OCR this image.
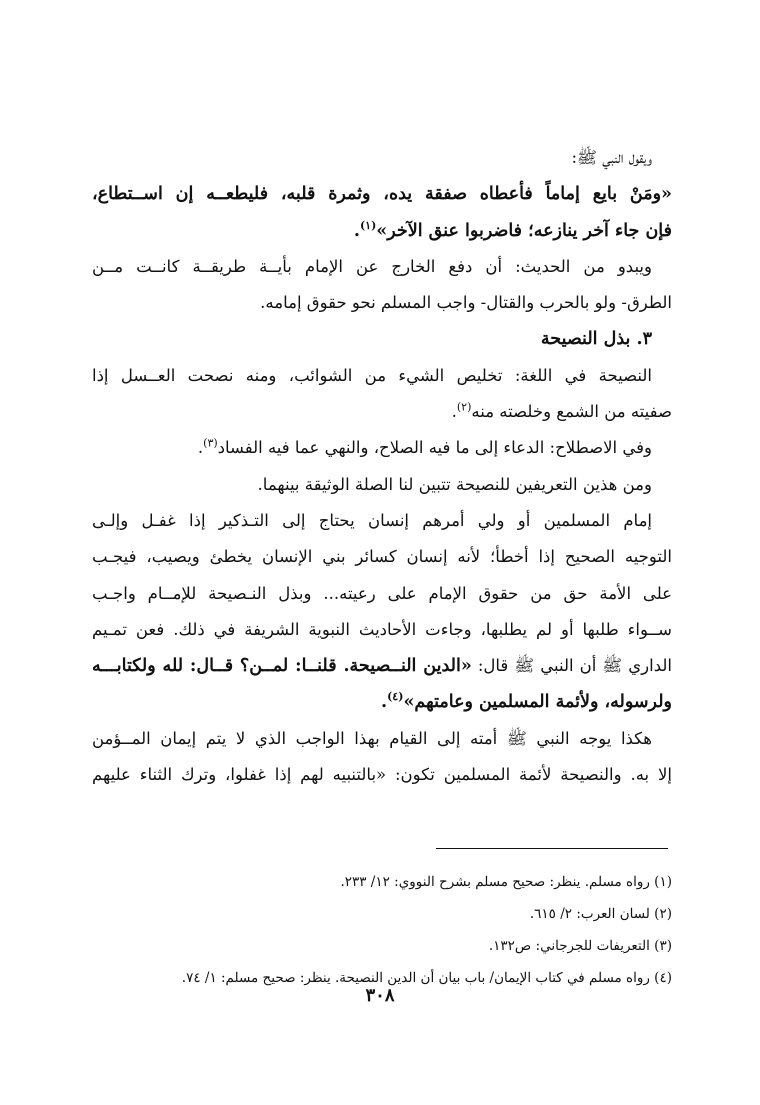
ويقول النبي ﷺ:
«ومَنْ بايع إماماً فأعطاه صفقة يده، وثمرة قلبه، فليطعــه إن اســتطاع،
فإن جاء آخر ينازعه؛ فاضربوا عنق الآخر»$^{(١)}$.
ويبدو من الحديث: أن دفع الخارج عن الإمام بأيــة طريقــة كانــت مــن
الطرق- ولو بالحرب والقتال- واجب المسلم نحو حقوق إمامه.
٣. بذل النصيحة
النصيحة في اللغة: تخليص الشيء من الشوائب، ومنه نصحت العــسل إذا
صفيته من الشمع وخلصته منه$^{(٢)}$.
وفي الاصطلاح: الدعاء إلى ما فيه الصلاح، والنهي عما فيه الفساد$^{(٣)}$.
ومن هذين التعريفين للنصيحة تتبين لنا الصلة الوثيقة بينهما.
إمام المسلمين أو ولي أمرهم إنسان يحتاج إلى التـذكير إذا غفـل وإلـى
التوجيه الصحيح إذا أخطأ؛ لأنه إنسان كسائر بني الإنسان يخطئ ويصيب، فيجـب
على الأمة حق من حقوق الإمام على رعيته... وبذل النـصيحة للإمــام واجـب
ســواء طلبها أو لم يطلبها، وجاءت الأحاديث النبوية الشريفة في ذلك. فعن تمـيم
الداري ﷺ أن النبي ﷺ قال: «الدين النــصيحة. قلنــا: لمــن؟ قــال: لله ولكتابـــه
ولرسوله، ولأئمة المسلمين وعامتهم»$^{(٤)}$.
هكذا يوجه النبي ﷺ أمته إلى القيام بهذا الواجب الذي لا يتم إيمان المــؤمن
إلا به. والنصيحة لأئمة المسلمين تكون: «بالتنبيه لهم إذا غفلوا، وترك الثناء عليهم
(١) رواه مسلم. ينظر: صحيح مسلم بشرح النووي: ١٢/ ٢٣٣.
(٢) لسان العرب: ٢/ ٦١٥.
(٣) التعريفات للجرجاني: ص١٣٢.
(٤) رواه مسلم في كتاب الإيمان/ باب بيان أن الدين النصيحة. ينظر: صحيح مسلم: ١/ ٧٤.
٣٠٨
